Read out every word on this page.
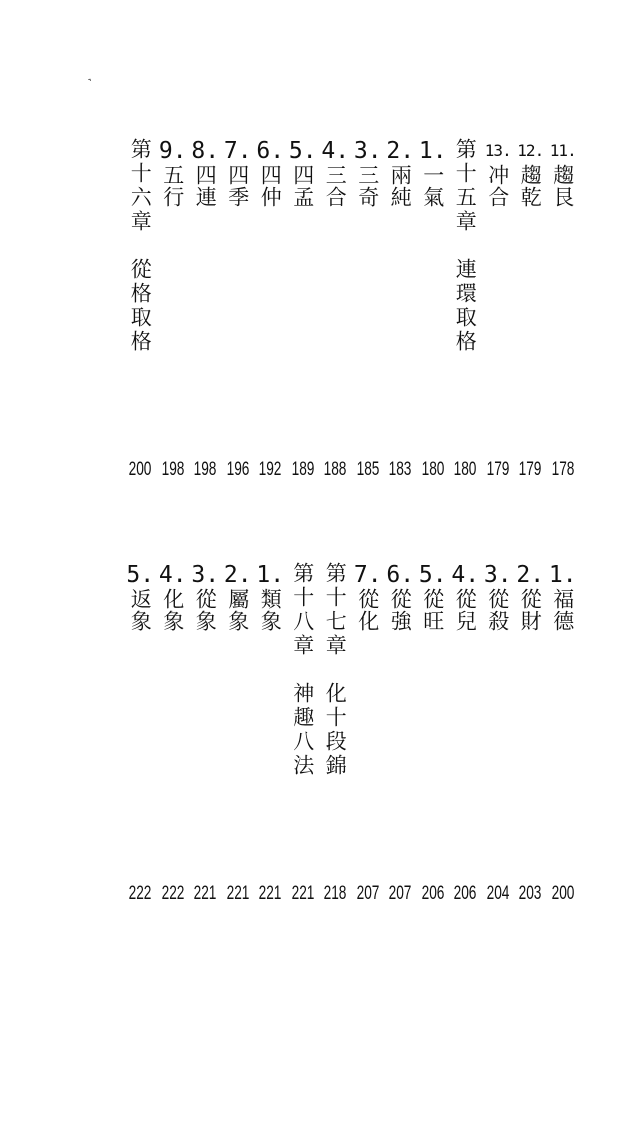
˺
11.
趨艮
178
12.
趨乾
179
13.
冲合
179
第十五章
連環取格
180
1.
一氣
180
2.
兩純
183
3.
三奇
185
4.
三合
188
5.
四孟
189
6.
四仲
192
7.
四季
196
8.
四連
198
9.
五行
198
第十六章
從格取格
200
1.
福德
200
2.
從財
203
3.
從殺
204
4.
從兒
206
5.
從旺
206
6.
從強
207
7.
從化
207
第十七章
化十段錦
218
第十八章
神趣八法
221
1.
類象
221
2.
屬象
221
3.
從象
221
4.
化象
222
5.
返象
222
